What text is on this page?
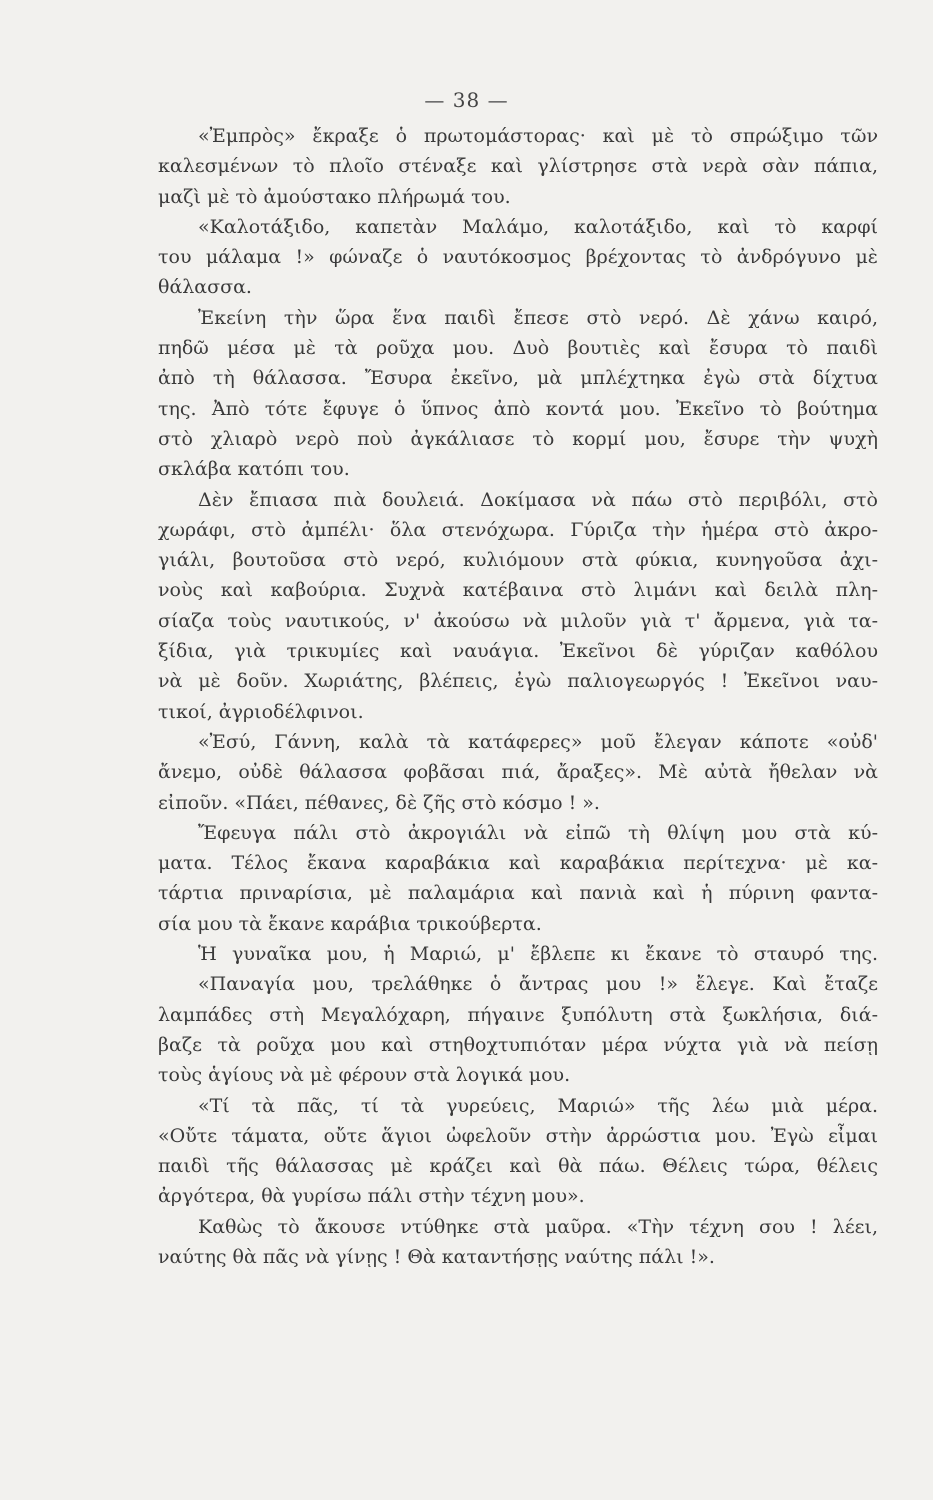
— 38 —
«Ἐμπρὸς» ἔκραξε ὁ πρωτομάστορας· καὶ μὲ τὸ σπρώξιμο τῶν
καλεσμένων τὸ πλοῖο στέναξε καὶ γλίστρησε στὰ νερὰ σὰν πάπια,
μαζὶ μὲ τὸ ἀμούστακο πλήρωμά του.
«Καλοτάξιδο, καπετὰν Μαλάμο, καλοτάξιδο, καὶ τὸ καρφί
του μάλαμα !» φώναζε ὁ ναυτόκοσμος βρέχοντας τὸ ἀνδρόγυνο μὲ
θάλασσα.
Ἐκείνη τὴν ὥρα ἕνα παιδὶ ἔπεσε στὸ νερό. Δὲ χάνω καιρό,
πηδῶ μέσα μὲ τὰ ροῦχα μου. Δυὸ βουτιὲς καὶ ἔσυρα τὸ παιδὶ
ἀπὸ τὴ θάλασσα. Ἔσυρα ἐκεῖνο, μὰ μπλέχτηκα ἐγὼ στὰ δίχτυα
της. Ἀπὸ τότε ἔφυγε ὁ ὕπνος ἀπὸ κοντά μου. Ἐκεῖνο τὸ βούτημα
στὸ χλιαρὸ νερὸ ποὺ ἀγκάλιασε τὸ κορμί μου, ἔσυρε τὴν ψυχὴ
σκλάβα κατόπι του.
Δὲν ἔπιασα πιὰ δουλειά. Δοκίμασα νὰ πάω στὸ περιβόλι, στὸ
χωράφι, στὸ ἀμπέλι· ὅλα στενόχωρα. Γύριζα τὴν ἡμέρα στὸ ἀκρο-
γιάλι, βουτοῦσα στὸ νερό, κυλιόμουν στὰ φύκια, κυνηγοῦσα ἀχι-
νοὺς καὶ καβούρια. Συχνὰ κατέβαινα στὸ λιμάνι καὶ δειλὰ πλη-
σίαζα τοὺς ναυτικούς, ν' ἀκούσω νὰ μιλοῦν γιὰ τ' ἄρμενα, γιὰ τα-
ξίδια, γιὰ τρικυμίες καὶ ναυάγια. Ἐκεῖνοι δὲ γύριζαν καθόλου
νὰ μὲ δοῦν. Χωριάτης, βλέπεις, ἐγὼ παλιογεωργός ! Ἐκεῖνοι ναυ-
τικοί, ἀγριοδέλφινοι.
«Ἐσύ, Γάννη, καλὰ τὰ κατάφερες» μοῦ ἔλεγαν κάποτε «οὐδ'
ἄνεμο, οὐδὲ θάλασσα φοβᾶσαι πιά, ἄραξες». Μὲ αὐτὰ ἤθελαν νὰ
εἰποῦν. «Πάει, πέθανες, δὲ ζῆς στὸ κόσμο ! ».
Ἔφευγα πάλι στὸ ἀκρογιάλι νὰ εἰπῶ τὴ θλίψη μου στὰ κύ-
ματα. Τέλος ἔκανα καραβάκια καὶ καραβάκια περίτεχνα· μὲ κα-
τάρτια πριναρίσια, μὲ παλαμάρια καὶ πανιὰ καὶ ἡ πύρινη φαντα-
σία μου τὰ ἔκανε καράβια τρικούβερτα.
Ἡ γυναῖκα μου, ἡ Μαριώ, μ' ἔβλεπε κι ἔκανε τὸ σταυρό της.
«Παναγία μου, τρελάθηκε ὁ ἄντρας μου !» ἔλεγε. Καὶ ἔταζε
λαμπάδες στὴ Μεγαλόχαρη, πήγαινε ξυπόλυτη στὰ ξωκλήσια, διά-
βαζε τὰ ροῦχα μου καὶ στηθοχτυπιόταν μέρα νύχτα γιὰ νὰ πείσῃ
τοὺς ἁγίους νὰ μὲ φέρουν στὰ λογικά μου.
«Τί τὰ πᾶς, τί τὰ γυρεύεις, Μαριώ» τῆς λέω μιὰ μέρα.
«Οὔτε τάματα, οὔτε ἅγιοι ὠφελοῦν στὴν ἀρρώστια μου. Ἐγὼ εἶμαι
παιδὶ τῆς θάλασσας μὲ κράζει καὶ θὰ πάω. Θέλεις τώρα, θέλεις
ἀργότερα, θὰ γυρίσω πάλι στὴν τέχνη μου».
Καθὼς τὸ ἄκουσε ντύθηκε στὰ μαῦρα. «Τὴν τέχνη σου ! λέει,
ναύτης θὰ πᾶς νὰ γίνῃς ! Θὰ καταντήσῃς ναύτης πάλι !».
